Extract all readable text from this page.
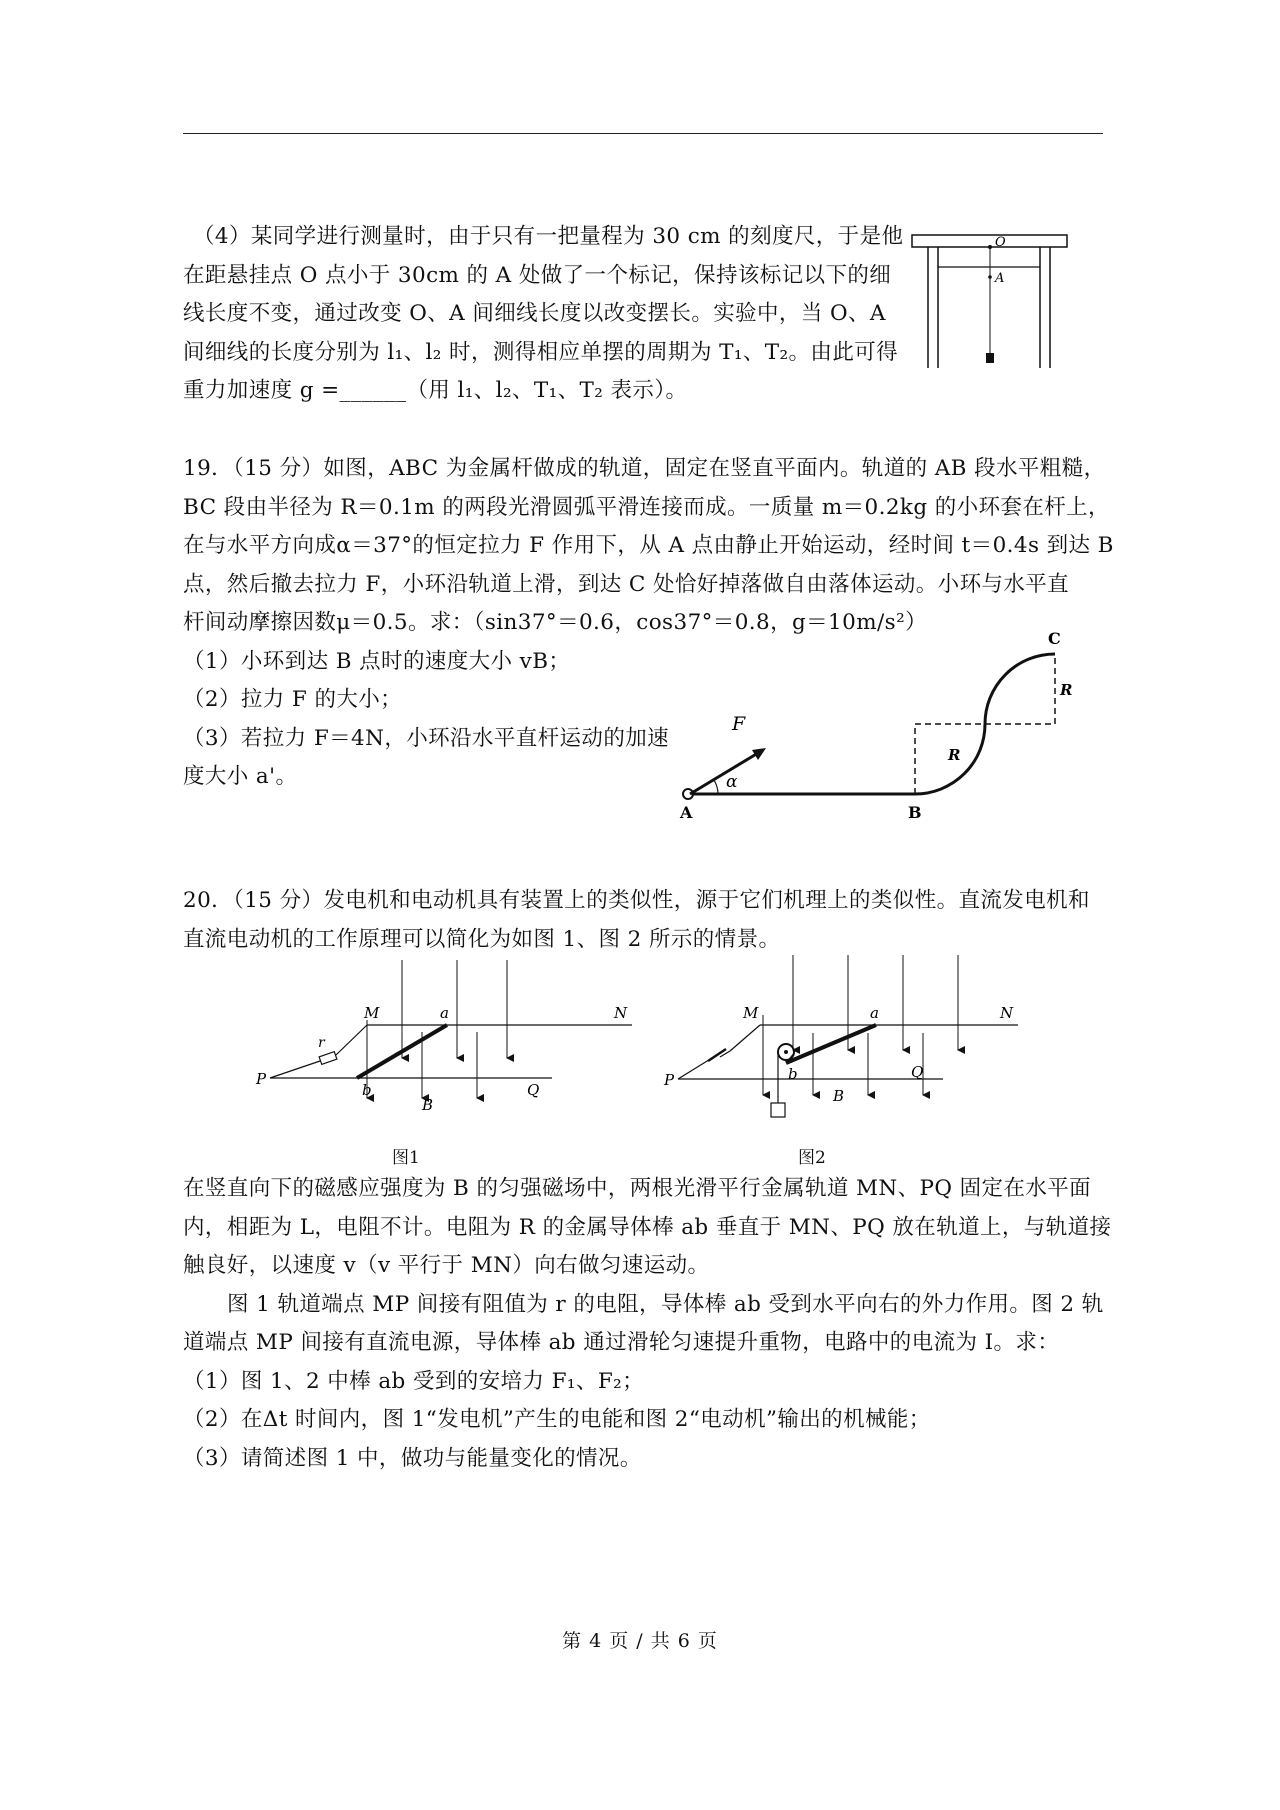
（4）某同学进行测量时，由于只有一把量程为 30 cm 的刻度尺，于是他
在距悬挂点 O 点小于 30cm 的 A 处做了一个标记，保持该标记以下的细
线长度不变，通过改变 O、A 间细线长度以改变摆长。实验中，当 O、A
间细线的长度分别为 l₁、l₂ 时，测得相应单摆的周期为 T₁、T₂。由此可得
重力加速度 g =______（用 l₁、l₂、T₁、T₂ 表示）。
O
A
19．（15 分）如图，ABC 为金属杆做成的轨道，固定在竖直平面内。轨道的 AB 段水平粗糙，
BC 段由半径为 R＝0.1m 的两段光滑圆弧平滑连接而成。一质量 m＝0.2kg 的小环套在杆上，
在与水平方向成α＝37°的恒定拉力 F 作用下，从 A 点由静止开始运动，经时间 t＝0.4s 到达 B
点，然后撤去拉力 F，小环沿轨道上滑，到达 C 处恰好掉落做自由落体运动。小环与水平直
杆间动摩擦因数μ＝0.5。求：（sin37°＝0.6，cos37°＝0.8，g＝10m/s²）
（1）小环到达 B 点时的速度大小 vB；
（2）拉力 F 的大小；
（3）若拉力 F＝4N，小环沿水平直杆运动的加速
度大小 a'。
F
α
A	B
C
R
R
20．（15 分）发电机和电动机具有装置上的类似性，源于它们机理上的类似性。直流发电机和
直流电动机的工作原理可以简化为如图 1、图 2 所示的情景。
M	a	N
r
P
b
B
Q
图1
M	a	N
P	b
B
Q
图2
在竖直向下的磁感应强度为 B 的匀强磁场中，两根光滑平行金属轨道 MN、PQ 固定在水平面
内，相距为 L，电阻不计。电阻为 R 的金属导体棒 ab 垂直于 MN、PQ 放在轨道上，与轨道接
触良好，以速度 v（v 平行于 MN）向右做匀速运动。
图 1 轨道端点 MP 间接有阻值为 r 的电阻，导体棒 ab 受到水平向右的外力作用。图 2 轨
道端点 MP 间接有直流电源，导体棒 ab 通过滑轮匀速提升重物，电路中的电流为 I。求：
（1）图 1、2 中棒 ab 受到的安培力 F₁、F₂；
（2）在Δt 时间内，图 1“发电机”产生的电能和图 2“电动机”输出的机械能；
（3）请简述图 1 中，做功与能量变化的情况。
第 4 页 / 共 6 页
